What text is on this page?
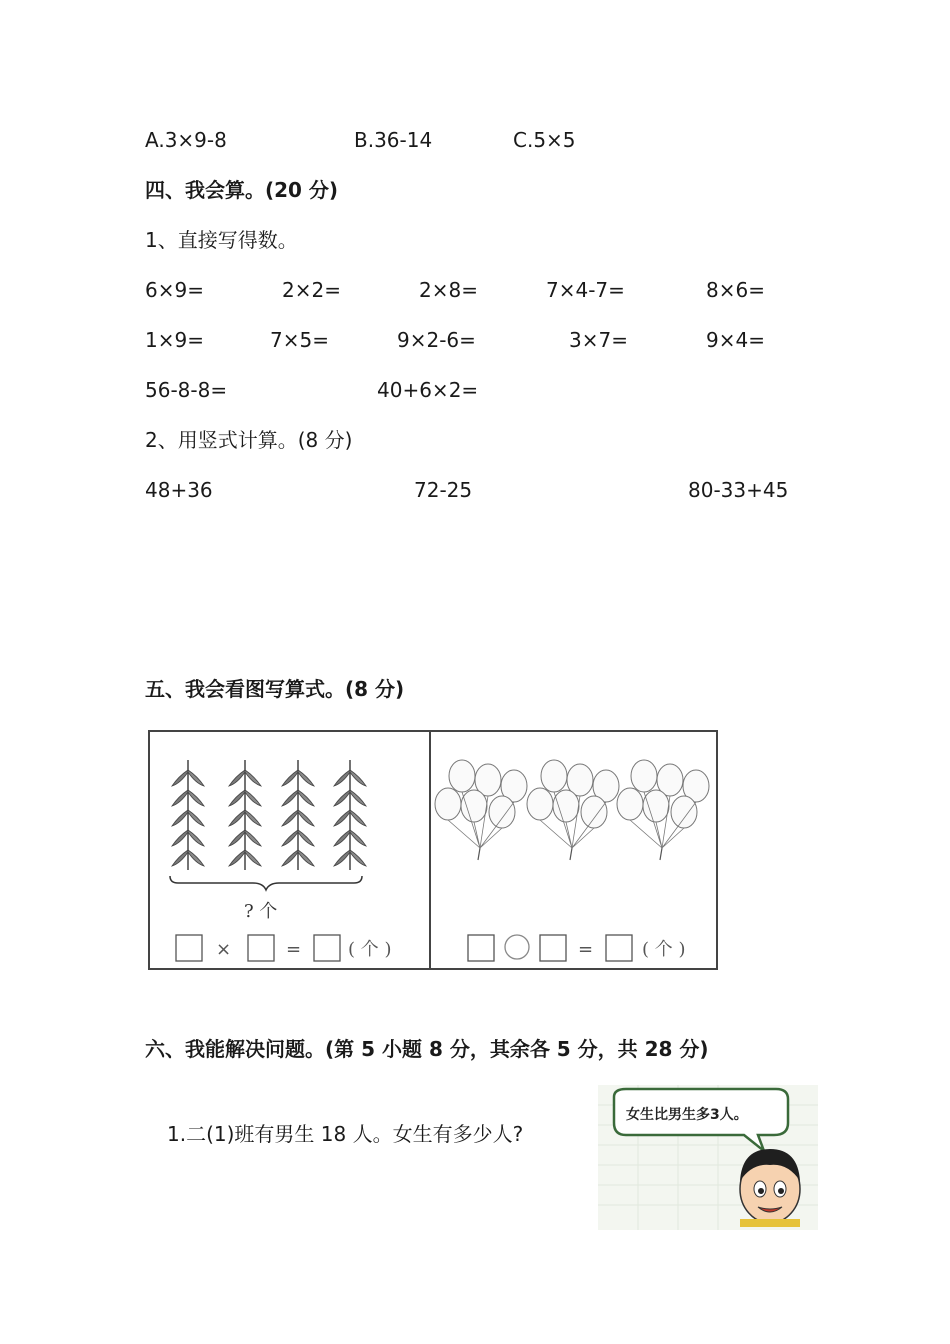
A.3×9-8	B.36-14	C.5×5
四、我会算。(20 分)
1、直接写得数。
6×9=	2×2=	2×8=	7×4-7=	8×6=
1×9=	7×5=	9×2-6=	3×7=	9×4=
56-8-8=	40+6×2=
2、用竖式计算。(8 分)
48+36	72-25	80-33+45
五、我会看图写算式。(8 分)
? 个
×	=	( 个 )	=	( 个 )
六、我能解决问题。(第 5 小题 8 分，其余各 5 分，共 28 分)
1.二(1)班有男生 18 人。女生有多少人?
女生比男生多3人。
